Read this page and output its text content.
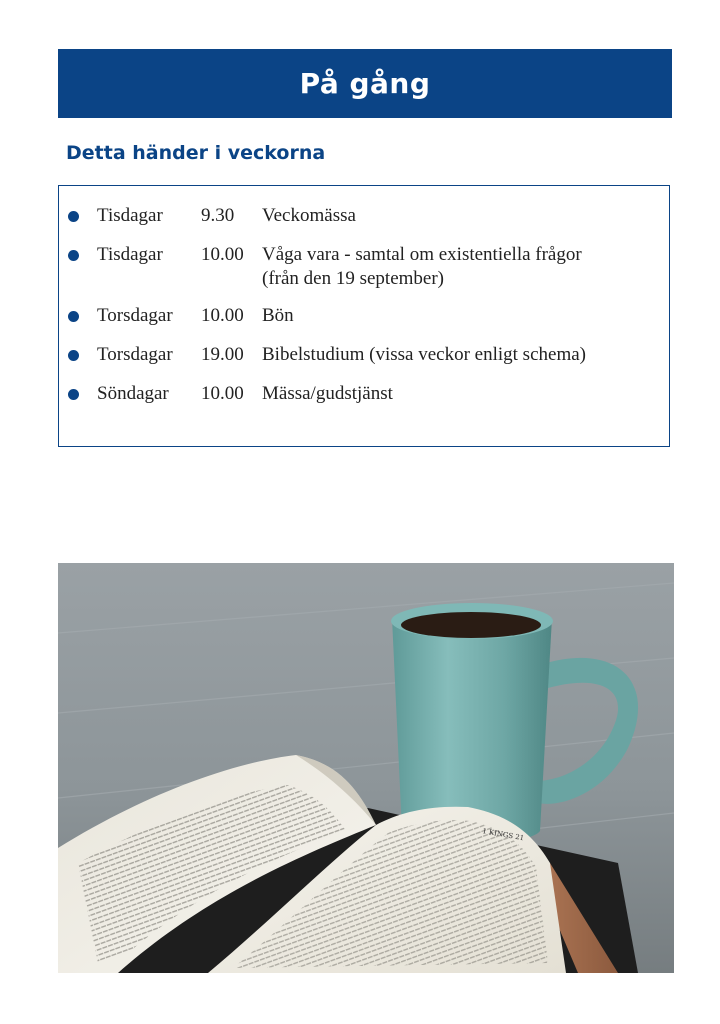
På gång
Detta händer i veckorna
Tisdagar 9.30 Veckomässa
Tisdagar 10.00 Våga vara - samtal om existentiella frågor
(från den 19 september)
Torsdagar 10.00 Bön
Torsdagar 19.00 Bibelstudium (vissa veckor enligt schema)
Söndagar 10.00 Mässa/gudstjänst
1 KINGS 21
